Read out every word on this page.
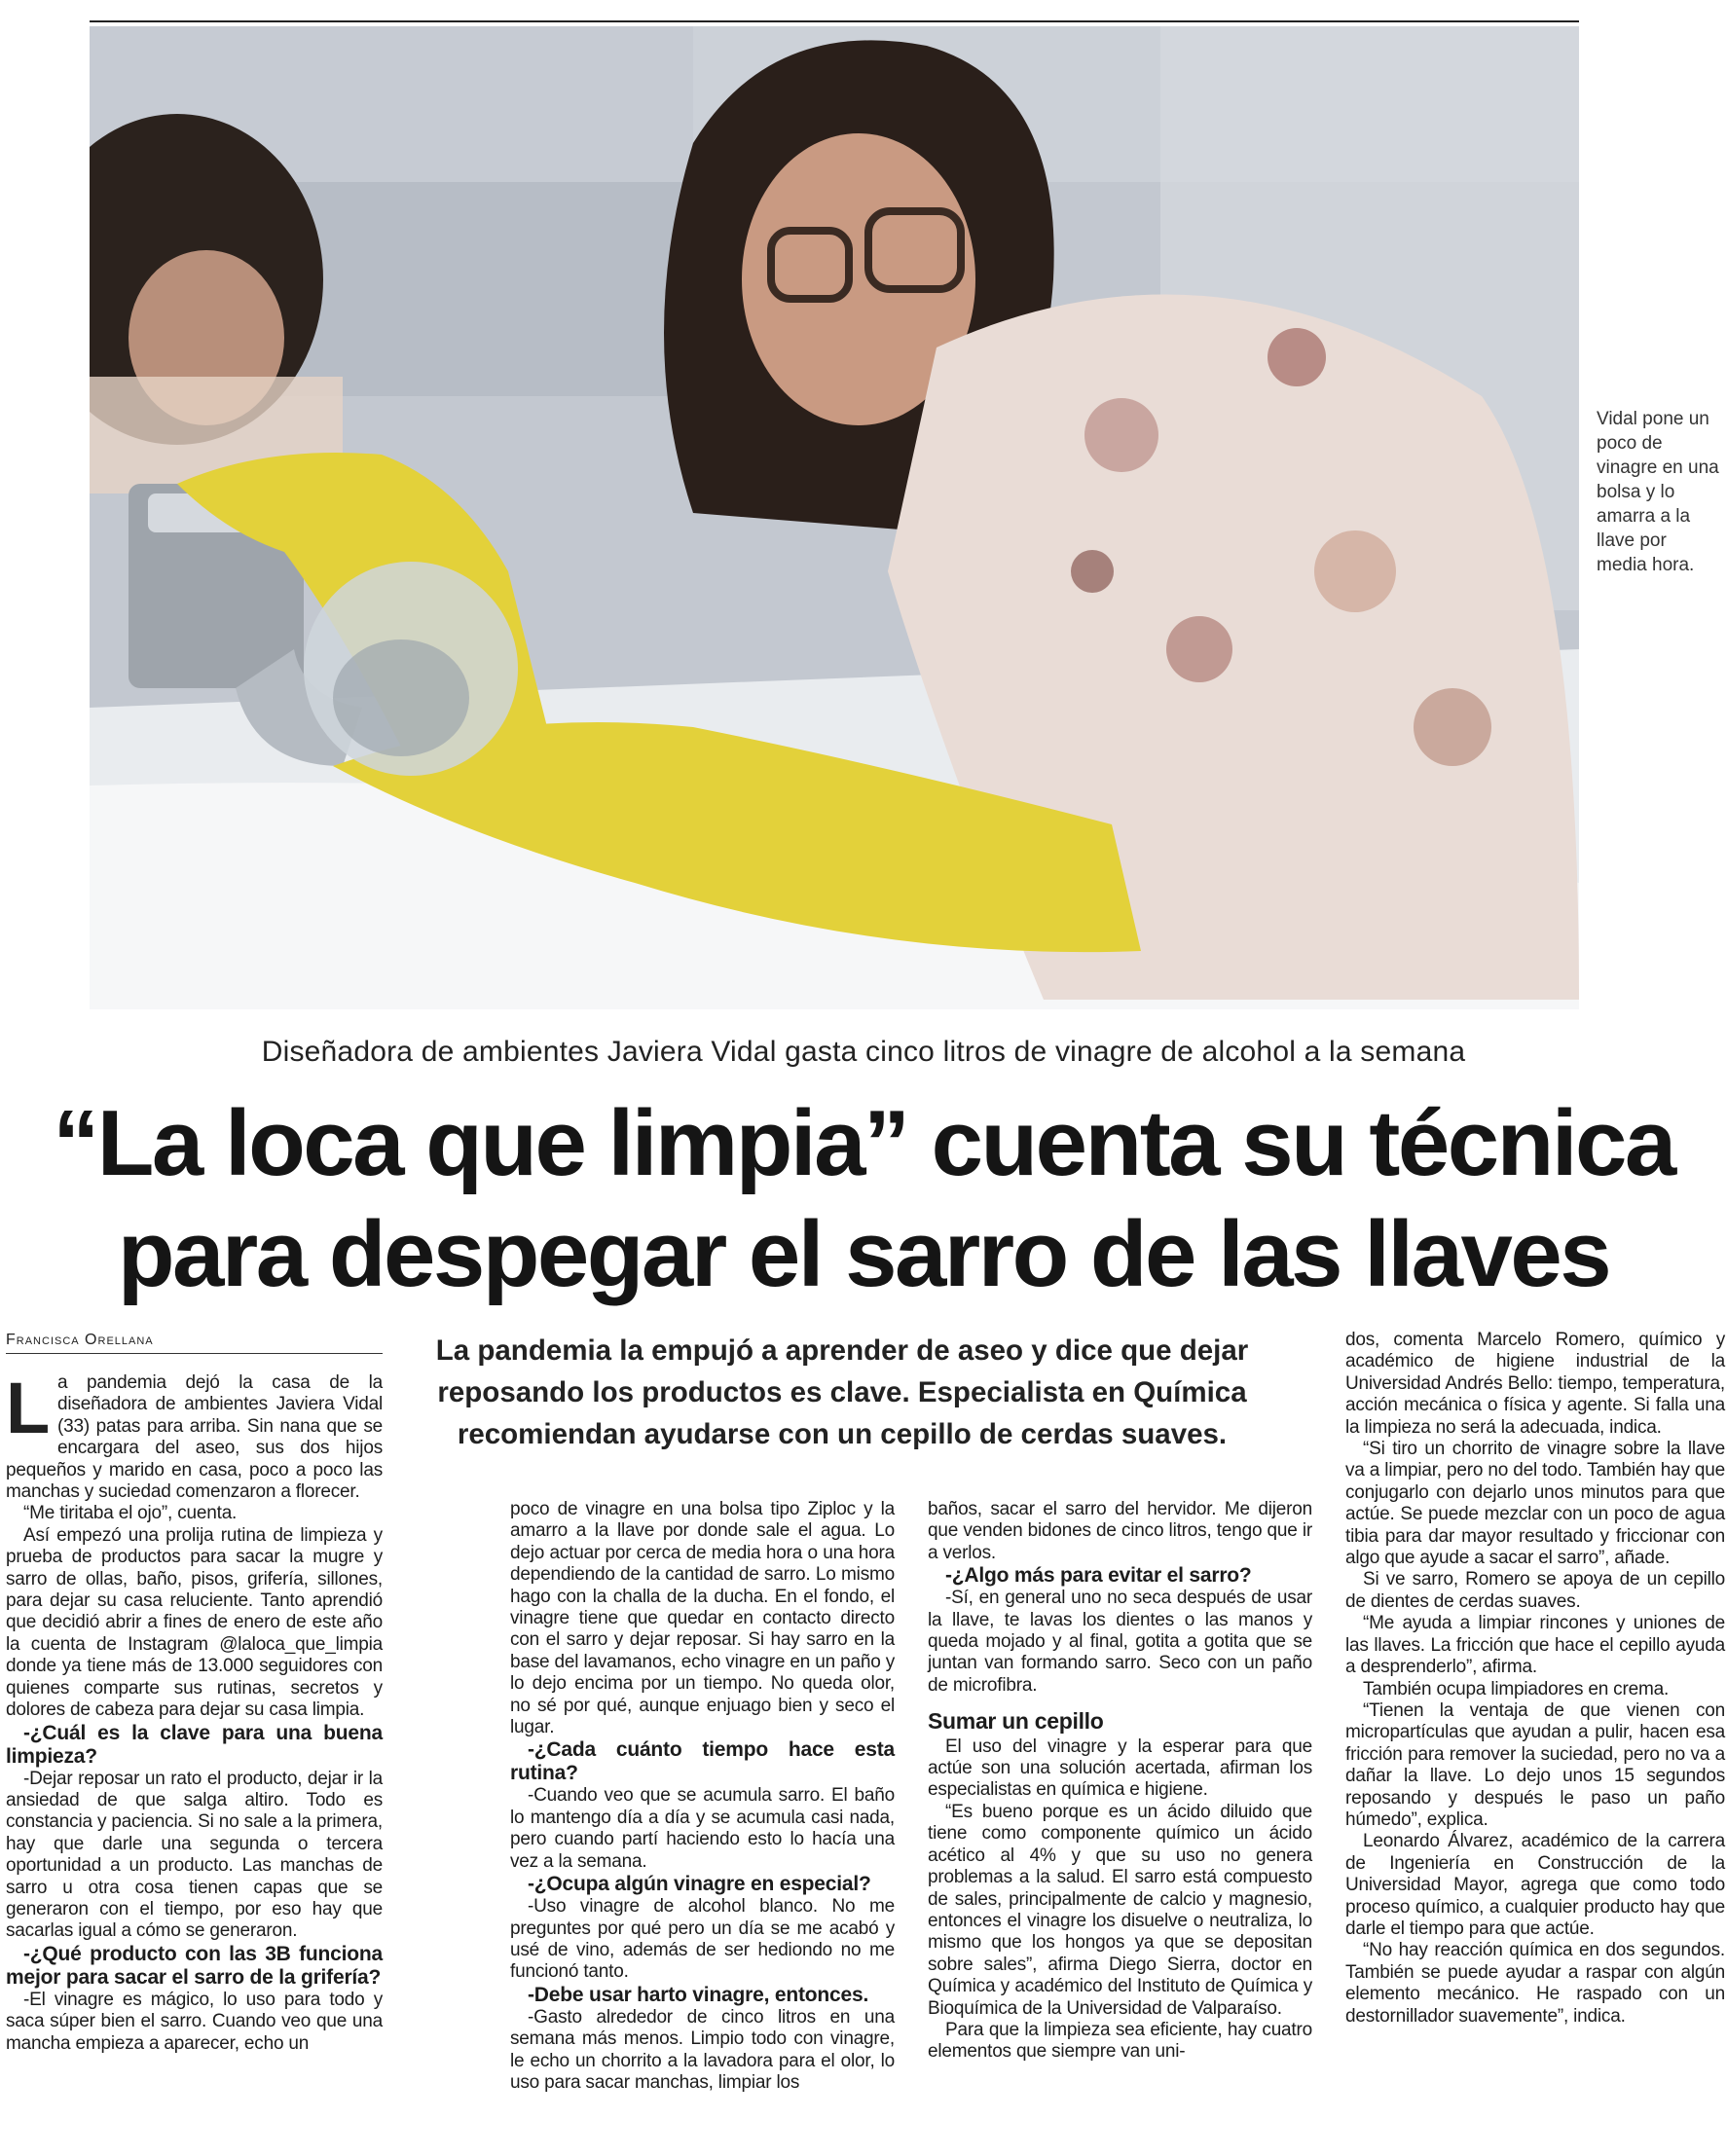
Vidal pone un poco de vinagre en una bolsa y lo amarra a la llave por media hora.
Diseñadora de ambientes Javiera Vidal gasta cinco litros de vinagre de alcohol a la semana
“La loca que limpia” cuenta su técnica
para despegar el sarro de las llaves
Francisca Orellana	La pandemia la empujó a aprender de aseo y dice que dejar reposando los productos es clave. Especialista en Química recomiendan ayudarse con un cepillo de cerdas suaves.

La pandemia dejó la casa de la diseñadora de ambientes Javiera Vidal (33) patas para arriba. Sin nana que se encargara del aseo, sus dos hijos pequeños y marido en casa, poco a poco las manchas y suciedad comenzaron a florecer.

“Me tiritaba el ojo”, cuenta.

Así empezó una prolija rutina de limpieza y prueba de productos para sacar la mugre y sarro de ollas, baño, pisos, grifería, sillones, para dejar su casa reluciente. Tanto aprendió que decidió abrir a fines de enero de este año la cuenta de Instagram @laloca_que_limpia donde ya tiene más de 13.000 seguidores con quienes comparte sus rutinas, secretos y dolores de cabeza para dejar su casa limpia.

-¿Cuál es la clave para una buena limpieza?

-Dejar reposar un rato el producto, dejar ir la ansiedad de que salga altiro. Todo es constancia y paciencia. Si no sale a la primera, hay que darle una segunda o tercera oportunidad a un producto. Las manchas de sarro u otra cosa tienen capas que se generaron con el tiempo, por eso hay que sacarlas igual a cómo se generaron.

-¿Qué producto con las 3B funciona mejor para sacar el sarro de la grifería?

-El vinagre es mágico, lo uso para todo y saca súper bien el sarro. Cuando veo que una mancha empieza a aparecer, echo un

poco de vinagre en una bolsa tipo Ziploc y la amarro a la llave por donde sale el agua. Lo dejo actuar por cerca de media hora o una hora dependiendo de la cantidad de sarro. Lo mismo hago con la challa de la ducha. En el fondo, el vinagre tiene que quedar en contacto directo con el sarro y dejar reposar. Si hay sarro en la base del lavamanos, echo vinagre en un paño y lo dejo encima por un tiempo. No queda olor, no sé por qué, aunque enjuago bien y seco el lugar.

-¿Cada cuánto tiempo hace esta rutina?

-Cuando veo que se acumula sarro. El baño lo mantengo día a día y se acumula casi nada, pero cuando partí haciendo esto lo hacía una vez a la semana.

-¿Ocupa algún vinagre en especial?

-Uso vinagre de alcohol blanco. No me preguntes por qué pero un día se me acabó y usé de vino, además de ser hediondo no me funcionó tanto.

-Debe usar harto vinagre, entonces.

-Gasto alrededor de cinco litros en una semana más menos. Limpio todo con vinagre, le echo un chorrito a la lavadora para el olor, lo uso para sacar manchas, limpiar los

baños, sacar el sarro del hervidor. Me dijeron que venden bidones de cinco litros, tengo que ir a verlos.

-¿Algo más para evitar el sarro?

-Sí, en general uno no seca después de usar la llave, te lavas los dientes o las manos y queda mojado y al final, gotita a gotita que se juntan van formando sarro. Seco con un paño de microfibra.

Sumar un cepillo

El uso del vinagre y la esperar para que actúe son una solución acertada, afirman los especialistas en química e higiene.

“Es bueno porque es un ácido diluido que tiene como componente químico un ácido acético al 4% y que su uso no genera problemas a la salud. El sarro está compuesto de sales, principalmente de calcio y magnesio, entonces el vinagre los disuelve o neutraliza, lo mismo que los hongos ya que se depositan sobre sales”, afirma Diego Sierra, doctor en Química y académico del Instituto de Química y Bioquímica de la Universidad de Valparaíso.

Para que la limpieza sea eficiente, hay cuatro elementos que siempre van uni-

dos, comenta Marcelo Romero, químico y académico de higiene industrial de la Universidad Andrés Bello: tiempo, temperatura, acción mecánica o física y agente. Si falla una la limpieza no será la adecuada, indica.

“Si tiro un chorrito de vinagre sobre la llave va a limpiar, pero no del todo. También hay que conjugarlo con dejarlo unos minutos para que actúe. Se puede mezclar con un poco de agua tibia para dar mayor resultado y friccionar con algo que ayude a sacar el sarro”, añade.

Si ve sarro, Romero se apoya de un cepillo de dientes de cerdas suaves.

“Me ayuda a limpiar rincones y uniones de las llaves. La fricción que hace el cepillo ayuda a desprenderlo”, afirma.

También ocupa limpiadores en crema.

“Tienen la ventaja de que vienen con micropartículas que ayudan a pulir, hacen esa fricción para remover la suciedad, pero no va a dañar la llave. Lo dejo unos 15 segundos reposando y después le paso un paño húmedo”, explica.

Leonardo Álvarez, académico de la carrera de Ingeniería en Construcción de la Universidad Mayor, agrega que como todo proceso químico, a cualquier producto hay que darle el tiempo para que actúe.

“No hay reacción química en dos segundos. También se puede ayudar a raspar con algún elemento mecánico. He raspado con un destornillador suavemente”, indica.
